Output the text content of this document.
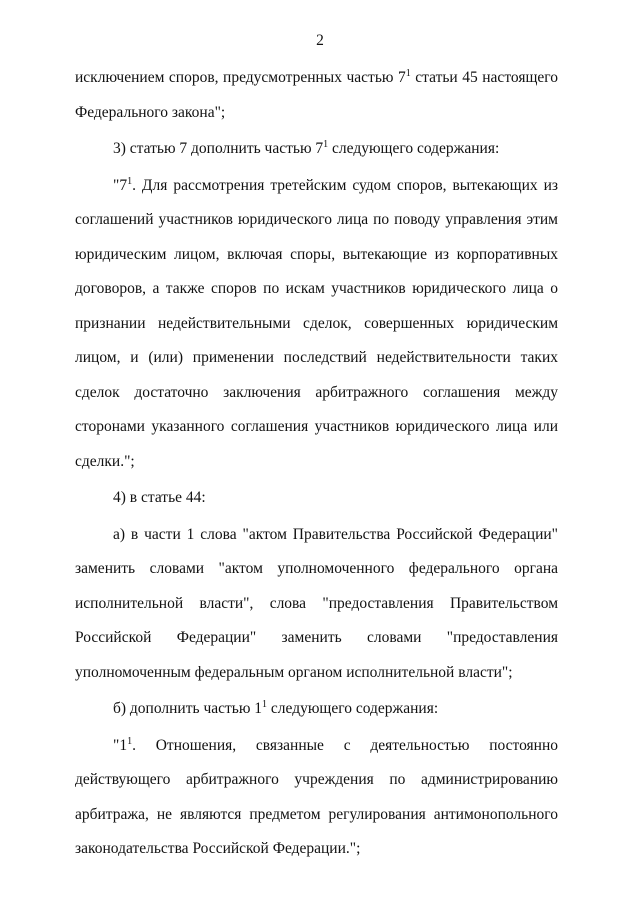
2

исключением споров, предусмотренных частью $7^1$ статьи 45 настоящего Федерального закона";

3) статью 7 дополнить частью $7^1$ следующего содержания:

"$7^1$. Для рассмотрения третейским судом споров, вытекающих из соглашений участников юридического лица по поводу управления этим юридическим лицом, включая споры, вытекающие из корпоративных договоров, а также споров по искам участников юридического лица о признании недействительными сделок, совершенных юридическим лицом, и (или) применении последствий недействительности таких сделок достаточно заключения арбитражного соглашения между сторонами указанного соглашения участников юридического лица или сделки.";

4) в статье 44:

а) в части 1 слова "актом Правительства Российской Федерации" заменить словами "актом уполномоченного федерального органа исполнительной власти", слова "предоставления Правительством Российской Федерации" заменить словами "предоставления уполномоченным федеральным органом исполнительной власти";

б) дополнить частью $1^1$ следующего содержания:

"$1^1$. Отношения, связанные с деятельностью постоянно действующего арбитражного учреждения по администрированию арбитража, не являются предметом регулирования антимонопольного законодательства Российской Федерации.";
